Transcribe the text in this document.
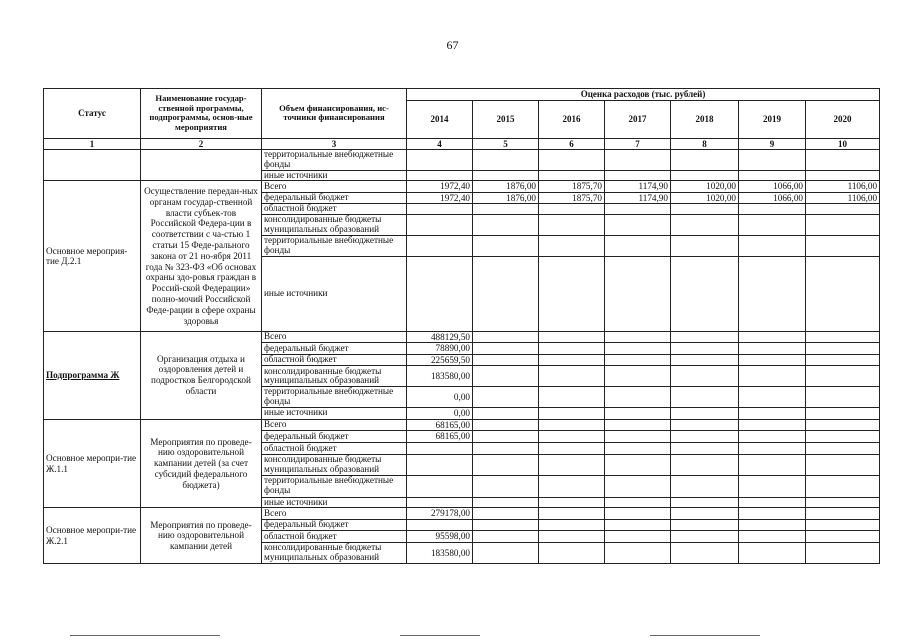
67
Статус	Наименование государ-ственной программы, подпрограммы, основ-ные мероприятия	Объем финансирования, ис-точники финансирования	Оценка расходов (тыс. рублей)						
			2014	2015	2016	2017	2018	2019	2020
1	2	3	4	5	6	7	8	9	10
		территориальные внебюджетные фонды							
		иные источники							
Основное мероприя-тие Д.2.1	Осуществление передан-ных органам государ-ственной власти субъек-тов Российской Федера-ции в соответствии с ча-стью 1 статьи 15 Феде-рального закона от 21 но-ября 2011 года № 323-ФЗ «Об основах охраны здо-ровья граждан в Россий-ской Федерации» полно-мочий Российской Феде-рации в сфере охраны здоровья	Всего	1972,40	1876,00	1875,70	1174,90	1020,00	1066,00	1106,00
		федеральный бюджет	1972,40	1876,00	1875,70	1174,90	1020,00	1066,00	1106,00
		областной бюджет							
		консолидированные бюджеты муниципальных образований							
		территориальные внебюджетные фонды							
		иные источники							
Подпрограмма Ж	Организация отдыха и оздоровления детей и подростков Белгородской области	Всего	488129,50						
		федеральный бюджет	78890,00						
		областной бюджет	225659,50						
		консолидированные бюджеты муниципальных образований	183580,00						
		территориальные внебюджетные фонды	0,00						
		иные источники	0,00						
Основное меропри-тие Ж.1.1	Мероприятия по проведе-нию оздоровительной кампании детей (за счет субсидий федерального бюджета)	Всего	68165,00						
		федеральный бюджет	68165,00						
		областной бюджет							
		консолидированные бюджеты муниципальных образований							
		территориальные внебюджетные фонды							
		иные источники							
Основное меропри-тие Ж.2.1	Мероприятия по проведе-нию оздоровительной кампании детей	Всего	279178,00						
		федеральный бюджет							
		областной бюджет	95598,00						
		консолидированные бюджеты муниципальных образований	183580,00						
